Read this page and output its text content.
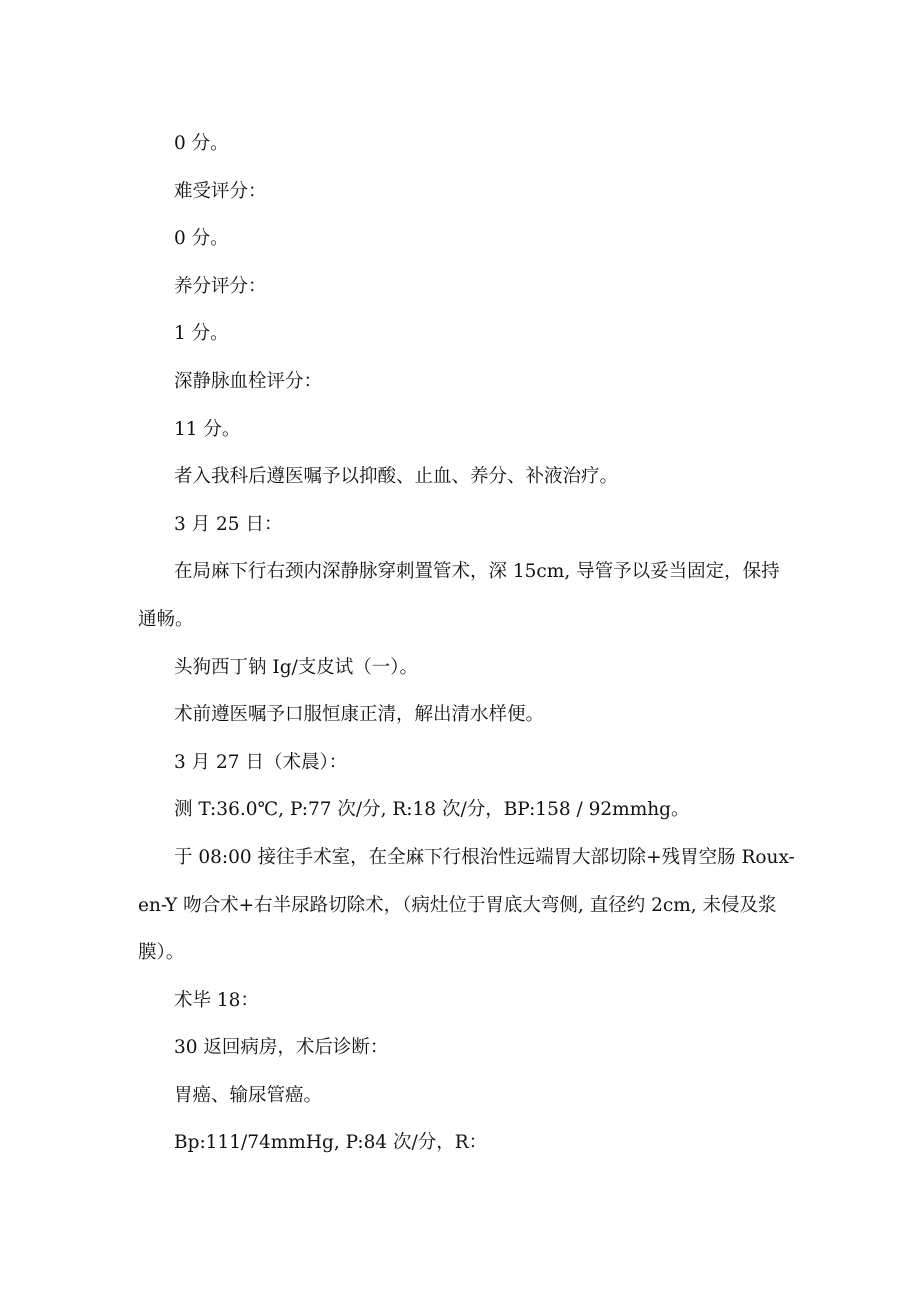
0 分。

难受评分：

0 分。

养分评分：

1 分。

深静脉血栓评分：

11 分。

者入我科后遵医嘱予以抑酸、止血、养分、补液治疗。

3 月 25 日：

在局麻下行右颈内深静脉穿刺置管术，深 15cm, 导管予以妥当固定，保持通畅。

头狗西丁钠 Ig/支皮试（一）。

术前遵医嘱予口服恒康正清，解出清水样便。

3 月 27 日（术晨）：

测 T:36.0℃, P:77 次/分, R:18 次/分，BP:158 / 92mmhg。

于 08:00 接往手术室，在全麻下行根治性远端胃大部切除+残胃空肠 Roux-en-Y 吻合术+右半尿路切除术，（病灶位于胃底大弯侧, 直径约 2cm, 未侵及浆膜）。

术毕 18：

30 返回病房，术后诊断：

胃癌、输尿管癌。

Bp:111/74mmHg, P:84 次/分，R：
